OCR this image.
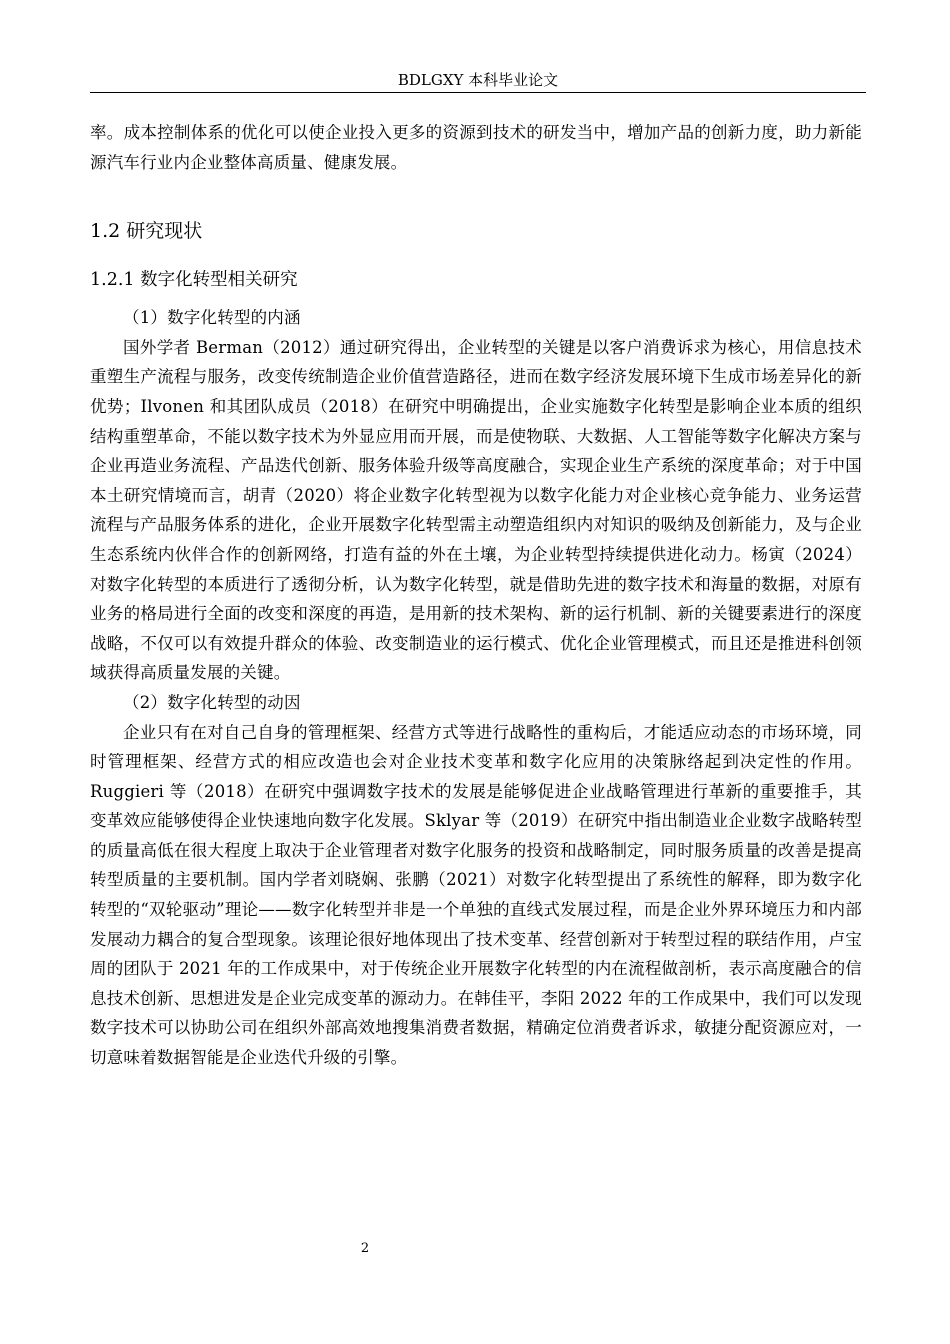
BDLGXY 本科毕业论文

率。成本控制体系的优化可以使企业投入更多的资源到技术的研发当中，增加产品的创新力度，助力新能源汽车行业内企业整体高质量、健康发展。

1.2 研究现状
1.2.1 数字化转型相关研究

（1）数字化转型的内涵

国外学者 Berman（2012）通过研究得出，企业转型的关键是以客户消费诉求为核心，用信息技术重塑生产流程与服务，改变传统制造企业价值营造路径，进而在数字经济发展环境下生成市场差异化的新优势；Ilvonen 和其团队成员（2018）在研究中明确提出，企业实施数字化转型是影响企业本质的组织结构重塑革命，不能以数字技术为外显应用而开展，而是使物联、大数据、人工智能等数字化解决方案与企业再造业务流程、产品迭代创新、服务体验升级等高度融合，实现企业生产系统的深度革命；对于中国本土研究情境而言，胡青（2020）将企业数字化转型视为以数字化能力对企业核心竞争能力、业务运营流程与产品服务体系的进化，企业开展数字化转型需主动塑造组织内对知识的吸纳及创新能力，及与企业生态系统内伙伴合作的创新网络，打造有益的外在土壤，为企业转型持续提供进化动力。杨寅（2024）对数字化转型的本质进行了透彻分析，认为数字化转型，就是借助先进的数字技术和海量的数据，对原有业务的格局进行全面的改变和深度的再造，是用新的技术架构、新的运行机制、新的关键要素进行的深度战略，不仅可以有效提升群众的体验、改变制造业的运行模式、优化企业管理模式，而且还是推进科创领域获得高质量发展的关键。

（2）数字化转型的动因

企业只有在对自己自身的管理框架、经营方式等进行战略性的重构后，才能适应动态的市场环境，同时管理框架、经营方式的相应改造也会对企业技术变革和数字化应用的决策脉络起到决定性的作用。Ruggieri 等（2018）在研究中强调数字技术的发展是能够促进企业战略管理进行革新的重要推手，其变革效应能够使得企业快速地向数字化发展。Sklyar 等（2019）在研究中指出制造业企业数字战略转型的质量高低在很大程度上取决于企业管理者对数字化服务的投资和战略制定，同时服务质量的改善是提高转型质量的主要机制。国内学者刘晓娴、张鹏（2021）对数字化转型提出了系统性的解释，即为数字化转型的“双轮驱动”理论——数字化转型并非是一个单独的直线式发展过程，而是企业外界环境压力和内部发展动力耦合的复合型现象。该理论很好地体现出了技术变革、经营创新对于转型过程的联结作用，卢宝周的团队于 2021 年的工作成果中，对于传统企业开展数字化转型的内在流程做剖析，表示高度融合的信息技术创新、思想进发是企业完成变革的源动力。在韩佳平，李阳 2022 年的工作成果中，我们可以发现数字技术可以协助公司在组织外部高效地搜集消费者数据，精确定位消费者诉求，敏捷分配资源应对，一切意味着数据智能是企业迭代升级的引擎。

2
